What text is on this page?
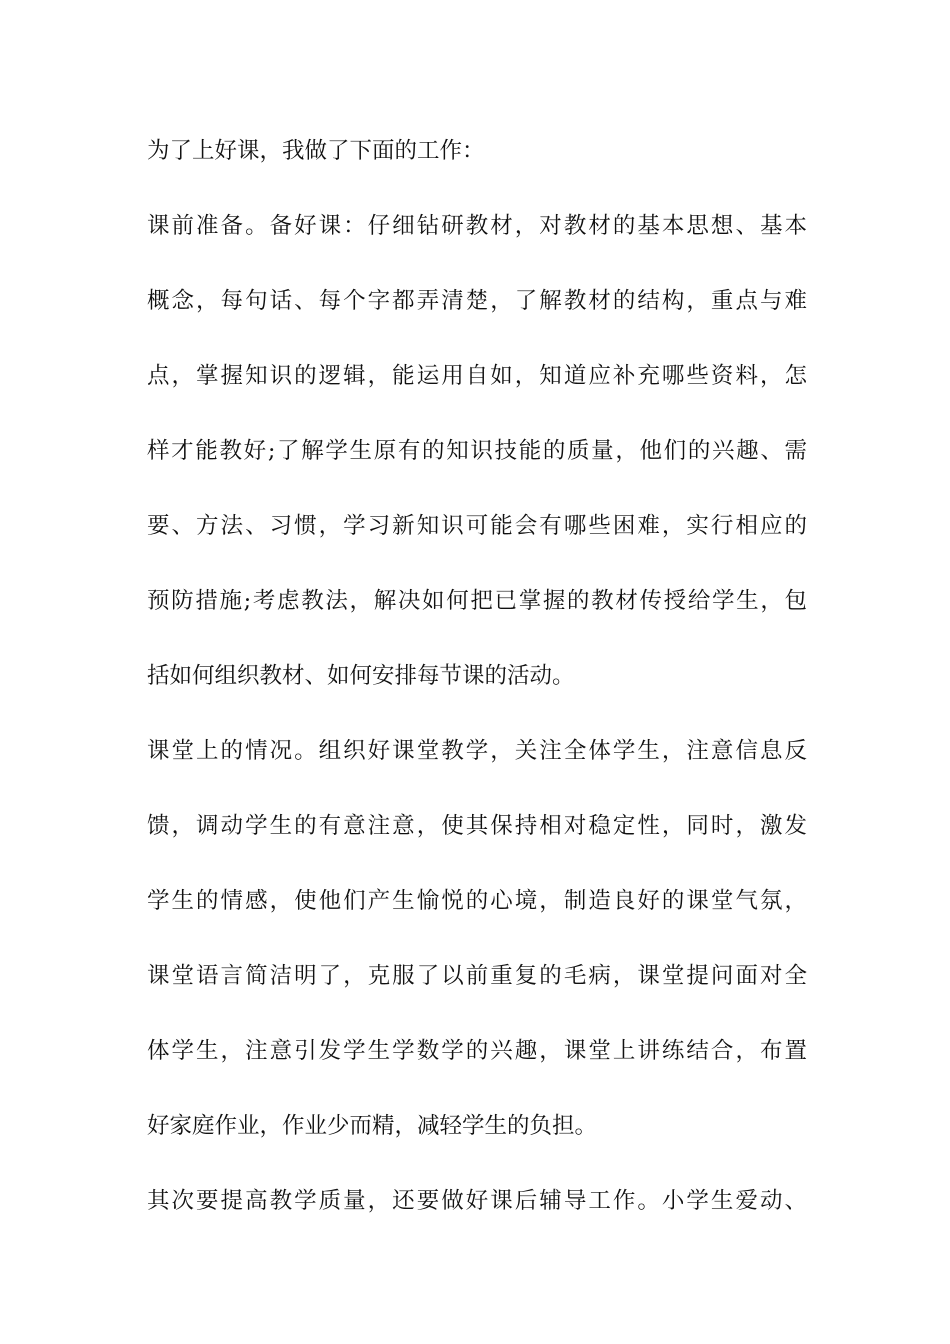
为了上好课，我做了下面的工作：
课前准备。备好课：仔细钻研教材，对教材的基本思想、基本
概念，每句话、每个字都弄清楚，了解教材的结构，重点与难
点，掌握知识的逻辑，能运用自如，知道应补充哪些资料，怎
样才能教好;了解学生原有的知识技能的质量，他们的兴趣、需
要、方法、习惯，学习新知识可能会有哪些困难，实行相应的
预防措施;考虑教法，解决如何把已掌握的教材传授给学生，包
括如何组织教材、如何安排每节课的活动。
课堂上的情况。组织好课堂教学，关注全体学生，注意信息反
馈，调动学生的有意注意，使其保持相对稳定性，同时，激发
学生的情感，使他们产生愉悦的心境，制造良好的课堂气氛，
课堂语言简洁明了，克服了以前重复的毛病，课堂提问面对全
体学生，注意引发学生学数学的兴趣，课堂上讲练结合，布置
好家庭作业，作业少而精，减轻学生的负担。
其次要提高教学质量，还要做好课后辅导工作。小学生爱动、
